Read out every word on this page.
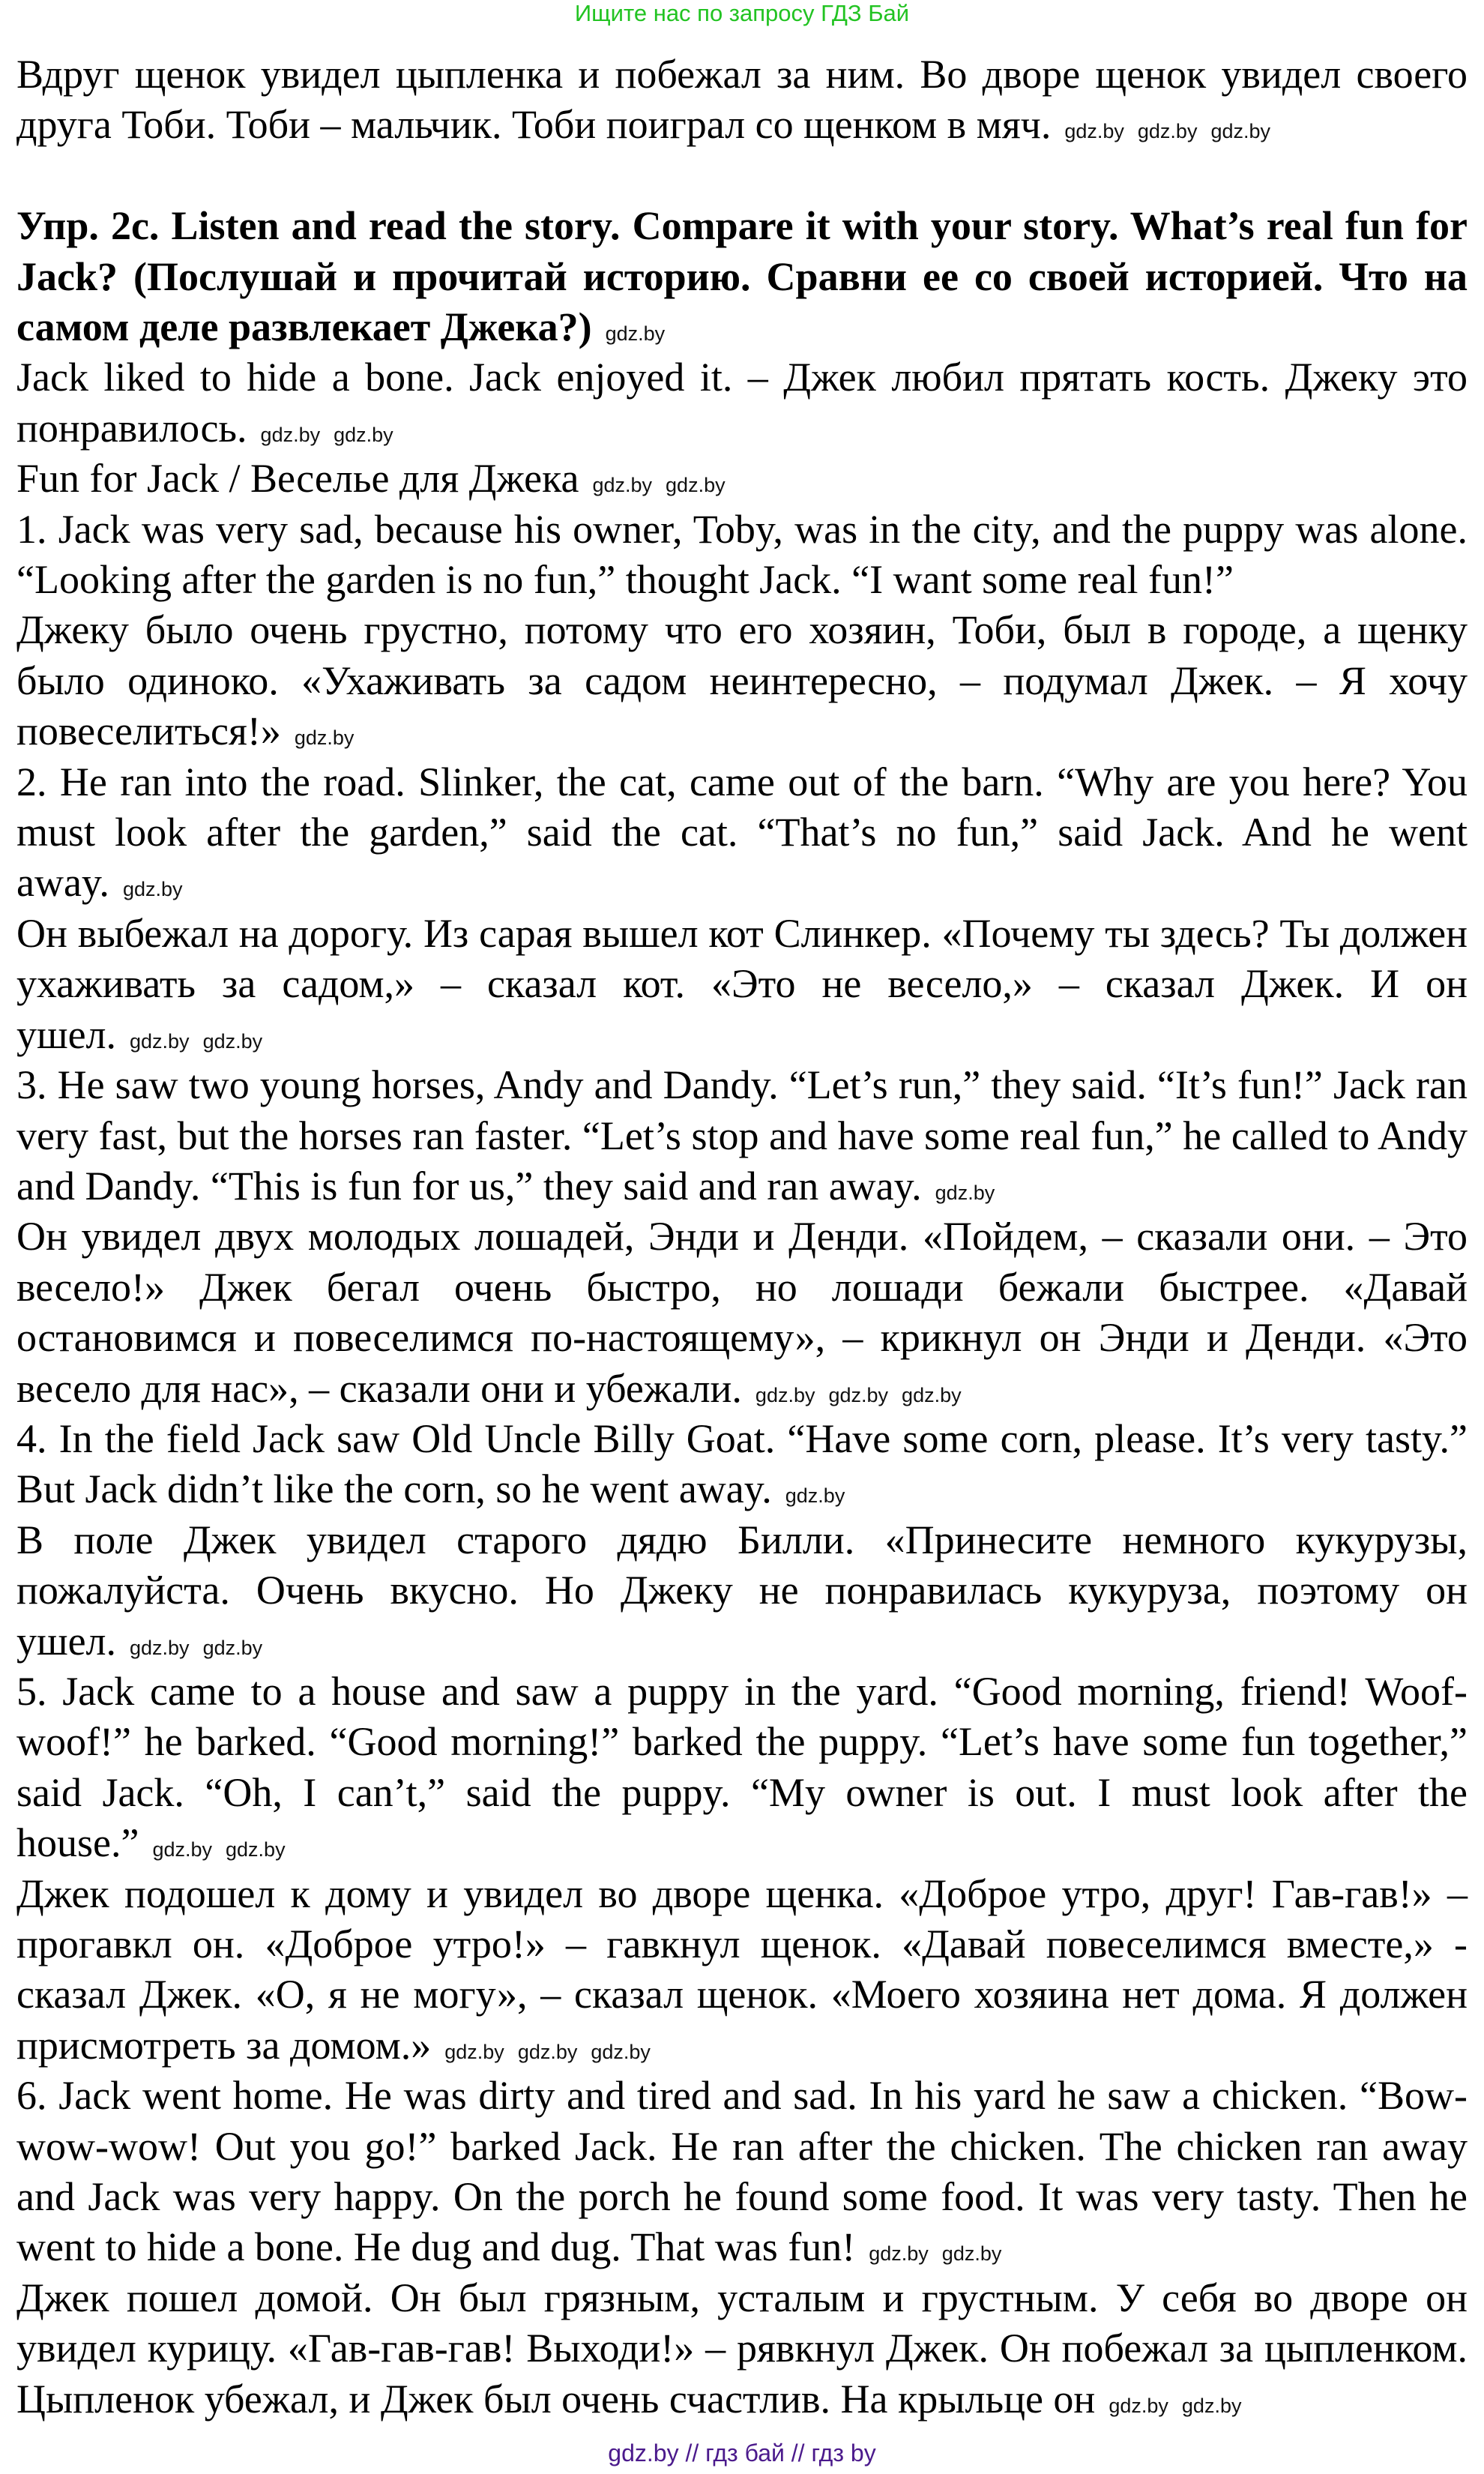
Ищите нас по запросу ГДЗ Бай

Вдруг щенок увидел цыпленка и побежал за ним. Во дворе щенок увидел своего друга Тоби. Тоби – мальчик. Тоби поиграл со щенком в мяч. gdz.by gdz.by gdz.by

Упр. 2c. Listen and read the story. Compare it with your story. What’s real fun for Jack? (Послушай и прочитай историю. Сравни ее со своей историей. Что на самом деле развлекает Джека?) gdz.by

Jack liked to hide a bone. Jack enjoyed it. – Джек любил прятать кость. Джеку это понравилось. gdz.by gdz.by

Fun for Jack / Веселье для Джека gdz.by gdz.by

1. Jack was very sad, because his owner, Toby, was in the city, and the puppy was alone. “Looking after the garden is no fun,” thought Jack. “I want some real fun!”

Джеку было очень грустно, потому что его хозяин, Тоби, был в городе, а щенку было одиноко. «Ухаживать за садом неинтересно, – подумал Джек. – Я хочу повеселиться!» gdz.by

2. He ran into the road. Slinker, the cat, came out of the barn. “Why are you here? You must look after the garden,” said the cat. “That’s no fun,” said Jack. And he went away. gdz.by

Он выбежал на дорогу. Из сарая вышел кот Слинкер. «Почему ты здесь? Ты должен ухаживать за садом,» – сказал кот. «Это не весело,» – сказал Джек. И он ушел. gdz.by gdz.by

3. He saw two young horses, Andy and Dandy. “Let’s run,” they said. “It’s fun!” Jack ran very fast, but the horses ran faster. “Let’s stop and have some real fun,” he called to Andy and Dandy. “This is fun for us,” they said and ran away. gdz.by

Он увидел двух молодых лошадей, Энди и Денди. «Пойдем, – сказали они. – Это весело!» Джек бегал очень быстро, но лошади бежали быстрее. «Давай остановимся и повеселимся по-настоящему», – крикнул он Энди и Денди. «Это весело для нас», – сказали они и убежали. gdz.by gdz.by gdz.by

4. In the field Jack saw Old Uncle Billy Goat. “Have some corn, please. It’s very tasty.” But Jack didn’t like the corn, so he went away. gdz.by

В поле Джек увидел старого дядю Билли. «Принесите немного кукурузы, пожалуйста. Очень вкусно. Но Джеку не понравилась кукуруза, поэтому он ушел. gdz.by gdz.by

5. Jack came to a house and saw a puppy in the yard. “Good morning, friend! Woof-woof!” he barked. “Good morning!” barked the puppy. “Let’s have some fun together,” said Jack. “Oh, I can’t,” said the puppy. “My owner is out. I must look after the house.” gdz.by gdz.by

Джек подошел к дому и увидел во дворе щенка. «Доброе утро, друг! Гав-гав!» – прогавкл он. «Доброе утро!» – гавкнул щенок. «Давай повеселимся вместе,» - сказал Джек. «О, я не могу», – сказал щенок. «Моего хозяина нет дома. Я должен присмотреть за домом.» gdz.by gdz.by gdz.by

6. Jack went home. He was dirty and tired and sad. In his yard he saw a chicken. “Bow-wow-wow! Out you go!” barked Jack. He ran after the chicken. The chicken ran away and Jack was very happy. On the porch he found some food. It was very tasty. Then he went to hide a bone. He dug and dug. That was fun! gdz.by gdz.by

Джек пошел домой. Он был грязным, усталым и грустным. У себя во дворе он увидел курицу. «Гав-гав-гав! Выходи!» – рявкнул Джек. Он побежал за цыпленком. Цыпленок убежал, и Джек был очень счастлив. На крыльце он gdz.by gdz.by

gdz.by // гдз бай // гдз by
